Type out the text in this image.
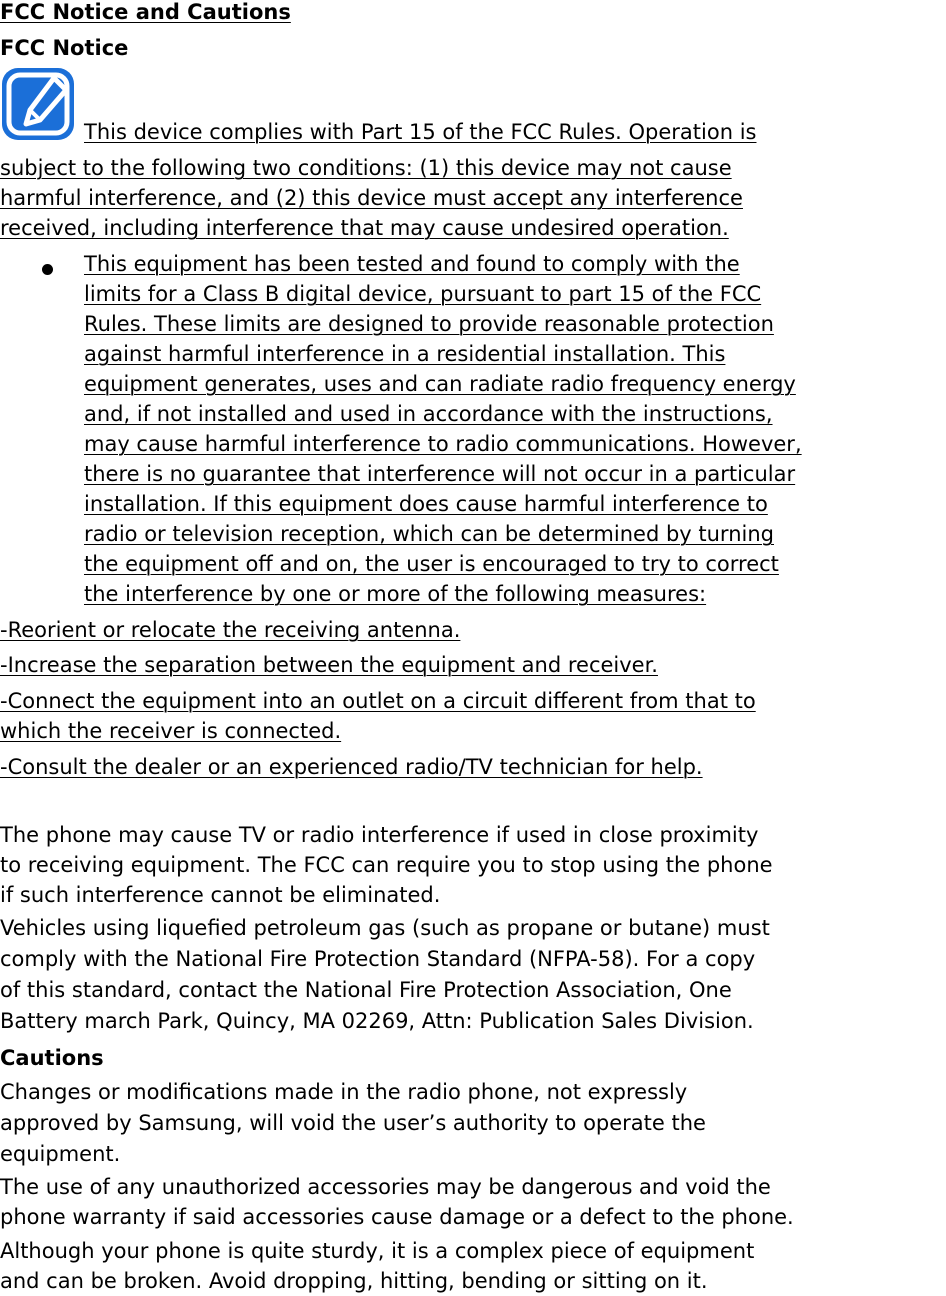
FCC Notice and Cautions
FCC Notice
This device complies with Part 15 of the FCC Rules. Operation is
subject to the following two conditions: (1) this device may not cause
harmful interference, and (2) this device must accept any interference
received, including interference that may cause undesired operation.
This equipment has been tested and found to comply with the
limits for a Class B digital device, pursuant to part 15 of the FCC
Rules. These limits are designed to provide reasonable protection
against harmful interference in a residential installation. This
equipment generates, uses and can radiate radio frequency energy
and, if not installed and used in accordance with the instructions,
may cause harmful interference to radio communications. However,
there is no guarantee that interference will not occur in a particular
installation. If this equipment does cause harmful interference to
radio or television reception, which can be determined by turning
the equipment off and on, the user is encouraged to try to correct
the interference by one or more of the following measures:
-Reorient or relocate the receiving antenna.
-Increase the separation between the equipment and receiver.
-Connect the equipment into an outlet on a circuit different from that to
which the receiver is connected.
-Consult the dealer or an experienced radio/TV technician for help.
The phone may cause TV or radio interference if used in close proximity
to receiving equipment. The FCC can require you to stop using the phone
if such interference cannot be eliminated.
Vehicles using liquefied petroleum gas (such as propane or butane) must
comply with the National Fire Protection Standard (NFPA-58). For a copy
of this standard, contact the National Fire Protection Association, One
Battery march Park, Quincy, MA 02269, Attn: Publication Sales Division.
Cautions
Changes or modifications made in the radio phone, not expressly
approved by Samsung, will void the user’s authority to operate the
equipment.
The use of any unauthorized accessories may be dangerous and void the
phone warranty if said accessories cause damage or a defect to the phone.
Although your phone is quite sturdy, it is a complex piece of equipment
and can be broken. Avoid dropping, hitting, bending or sitting on it.
